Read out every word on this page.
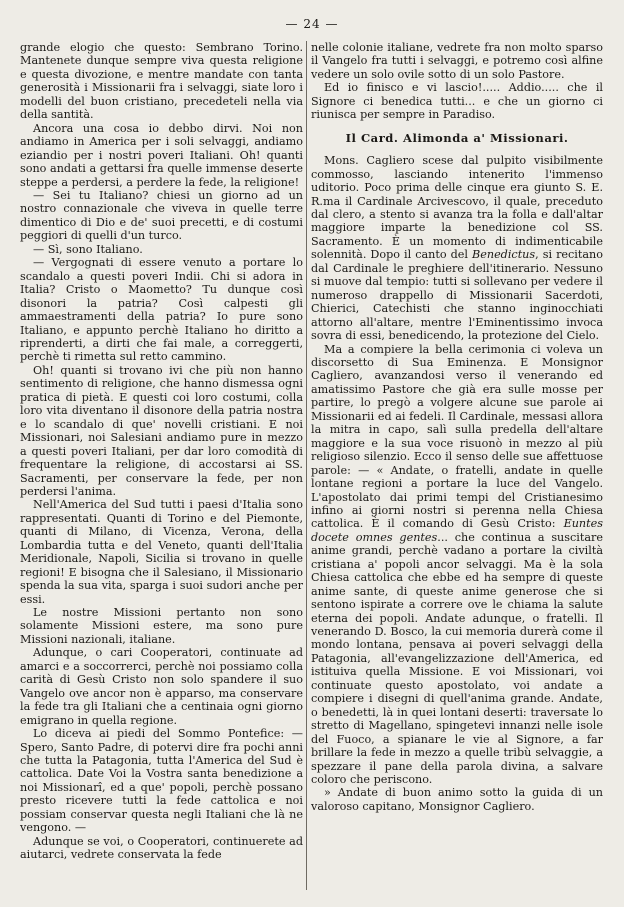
— 24 —

grande elogio che questo: Sembrano Torino. Mantenete dunque sempre viva questa religione e questa divozione, e mentre mandate con tanta generosità i Missionarii fra i selvaggi, siate loro i modelli del buon cristiano, precedeteli nella via della santità.

Ancora una cosa io debbo dirvi. Noi non andiamo in America per i soli selvaggi, andiamo eziandio per i nostri poveri Italiani. Oh! quanti sono andati a gettarsi fra quelle immense deserte steppe a perdersi, a perdere la fede, la religione!

— Sei tu Italiano? chiesi un giorno ad un nostro connazionale che viveva in quelle terre dimentico di Dio e de' suoi precetti, e di costumi peggiori di quelli d'un turco.

— Sì, sono Italiano.

— Vergognati di essere venuto a portare lo scandalo a questi poveri Indii. Chi si adora in Italia? Cristo o Maometto? Tu dunque così disonori la patria? Così calpesti gli ammaestramenti della patria? Io pure sono Italiano, e appunto perchè Italiano ho diritto a riprenderti, a dirti che fai male, a correggerti, perchè ti rimetta sul retto cammino.

Oh! quanti si trovano ivi che più non hanno sentimento di religione, che hanno dismessa ogni pratica di pietà. E questi coi loro costumi, colla loro vita diventano il disonore della patria nostra e lo scandalo di que' novelli cristiani. E noi Missionari, noi Salesiani andiamo pure in mezzo a questi poveri Italiani, per dar loro comodità di frequentare la religione, di accostarsi ai SS. Sacramenti, per conservare la fede, per non perdersi l'anima.

Nell'America del Sud tutti i paesi d'Italia sono rappresentati. Quanti di Torino e del Piemonte, quanti di Milano, di Vicenza, Verona, della Lombardia tutta e del Veneto, quanti dell'Italia Meridionale, Napoli, Sicilia si trovano in quelle regioni! E bisogna che il Salesiano, il Missionario spenda la sua vita, sparga i suoi sudori anche per essi.

Le nostre Missioni pertanto non sono solamente Missioni estere, ma sono pure Missioni nazionali, italiane.

Adunque, o cari Cooperatori, continuate ad amarci e a soccorrerci, perchè noi possiamo colla carità di Gesù Cristo non solo spandere il suo Vangelo ove ancor non è apparso, ma conservare la fede tra gli Italiani che a centinaia ogni giorno emigrano in quella regione.

Lo diceva ai piedi del Sommo Pontefice: — Spero, Santo Padre, di potervi dire fra pochi anni che tutta la Patagonia, tutta l'America del Sud è cattolica. Date Voi la Vostra santa benedizione a noi Missionarî, ed a que' popoli, perchè possano presto ricevere tutti la fede cattolica e noi possiam conservar questa negli Italiani che là ne vengono. —

Adunque se voi, o Cooperatori, continuerete ad aiutarci, vedrete conservata la fede

nelle colonie italiane, vedrete fra non molto sparso il Vangelo fra tutti i selvaggi, e potremo così alfine vedere un solo ovile sotto di un solo Pastore.

Ed io finisco e vi lascio!..... Addio..... che il Signore ci benedica tutti... e che un giorno ci riunisca per sempre in Paradiso.

Il Card. Alimonda a' Missionari.

Mons. Cagliero scese dal pulpito visibilmente commosso, lasciando intenerito l'immenso uditorio. Poco prima delle cinque era giunto S. E. R.ma il Cardinale Arcivescovo, il quale, preceduto dal clero, a stento si avanza tra la folla e dall'altar maggiore imparte la benedizione col SS. Sacramento. È un momento di indimenticabile solennità. Dopo il canto del Benedictus, si recitano dal Cardinale le preghiere dell'itinerario. Nessuno si muove dal tempio: tutti si sollevano per vedere il numeroso drappello di Missionarii Sacerdoti, Chierici, Catechisti che stanno inginocchiati attorno all'altare, mentre l'Eminentissimo invoca sovra di essi, benedicendo, la protezione del Cielo.

Ma a compiere la bella cerimonia ci voleva un discorsetto di Sua Eminenza. E Monsignor Cagliero, avanzandosi verso il venerando ed amatissimo Pastore che già era sulle mosse per partire, lo pregò a volgere alcune sue parole ai Missionarii ed ai fedeli. Il Cardinale, messasi allora la mitra in capo, salì sulla predella dell'altare maggiore e la sua voce risuonò in mezzo al più religioso silenzio. Ecco il senso delle sue affettuose parole: — « Andate, o fratelli, andate in quelle lontane regioni a portare la luce del Vangelo. L'apostolato dai primi tempi del Cristianesimo infino ai giorni nostri si perenna nella Chiesa cattolica. È il comando di Gesù Cristo: Euntes docete omnes gentes... che continua a suscitare anime grandi, perchè vadano a portare la civiltà cristiana a' popoli ancor selvaggi. Ma è la sola Chiesa cattolica che ebbe ed ha sempre di queste anime sante, di queste anime generose che si sentono ispirate a correre ove le chiama la salute eterna dei popoli. Andate adunque, o fratelli. Il venerando D. Bosco, la cui memoria durerà come il mondo lontana, pensava ai poveri selvaggi della Patagonia, all'evangelizzazione dell'America, ed istituiva quella Missione. E voi Missionari, voi continuate questo apostolato, voi andate a compiere i disegni di quell'anima grande. Andate, o benedetti, là in quei lontani deserti: traversate lo stretto di Magellano, spingetevi innanzi nelle isole del Fuoco, a spianare le vie al Signore, a far brillare la fede in mezzo a quelle tribù selvaggie, a spezzare il pane della parola divina, a salvare coloro che periscono.

» Andate di buon animo sotto la guida di un valoroso capitano, Monsignor Cagliero.
